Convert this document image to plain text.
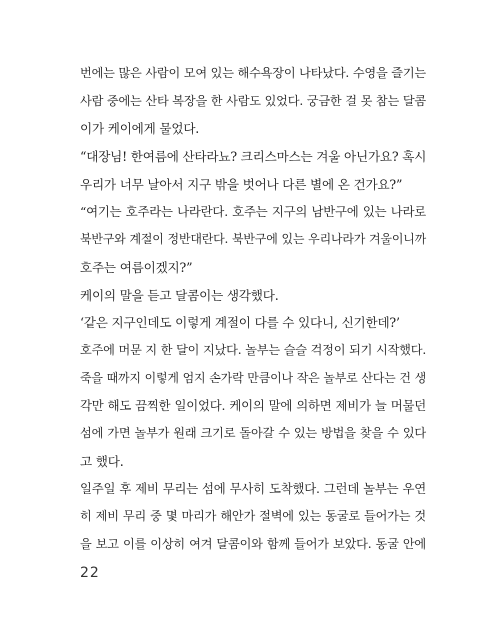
번에는 많은 사람이 모여 있는 해수욕장이 나타났다. 수영을 즐기는
사람 중에는 산타 복장을 한 사람도 있었다. 궁금한 걸 못 참는 달콤
이가 케이에게 물었다.
“대장님! 한여름에 산타라뇨? 크리스마스는 겨울 아닌가요? 혹시
우리가 너무 날아서 지구 밖을 벗어나 다른 별에 온 건가요?”
“여기는 호주라는 나라란다. 호주는 지구의 남반구에 있는 나라로
북반구와 계절이 정반대란다. 북반구에 있는 우리나라가 겨울이니까
호주는 여름이겠지?”
케이의 말을 듣고 달콤이는 생각했다.
‘같은 지구인데도 이렇게 계절이 다를 수 있다니, 신기한데?’
호주에 머문 지 한 달이 지났다. 놀부는 슬슬 걱정이 되기 시작했다.
죽을 때까지 이렇게 엄지 손가락 만큼이나 작은 놀부로 산다는 건 생
각만 해도 끔찍한 일이었다. 케이의 말에 의하면 제비가 늘 머물던
섬에 가면 놀부가 원래 크기로 돌아갈 수 있는 방법을 찾을 수 있다
고 했다.
일주일 후 제비 무리는 섬에 무사히 도착했다. 그런데 놀부는 우연
히 제비 무리 중 몇 마리가 해안가 절벽에 있는 동굴로 들어가는 것
을 보고 이를 이상히 여겨 달콤이와 함께 들어가 보았다. 동굴 안에
22
